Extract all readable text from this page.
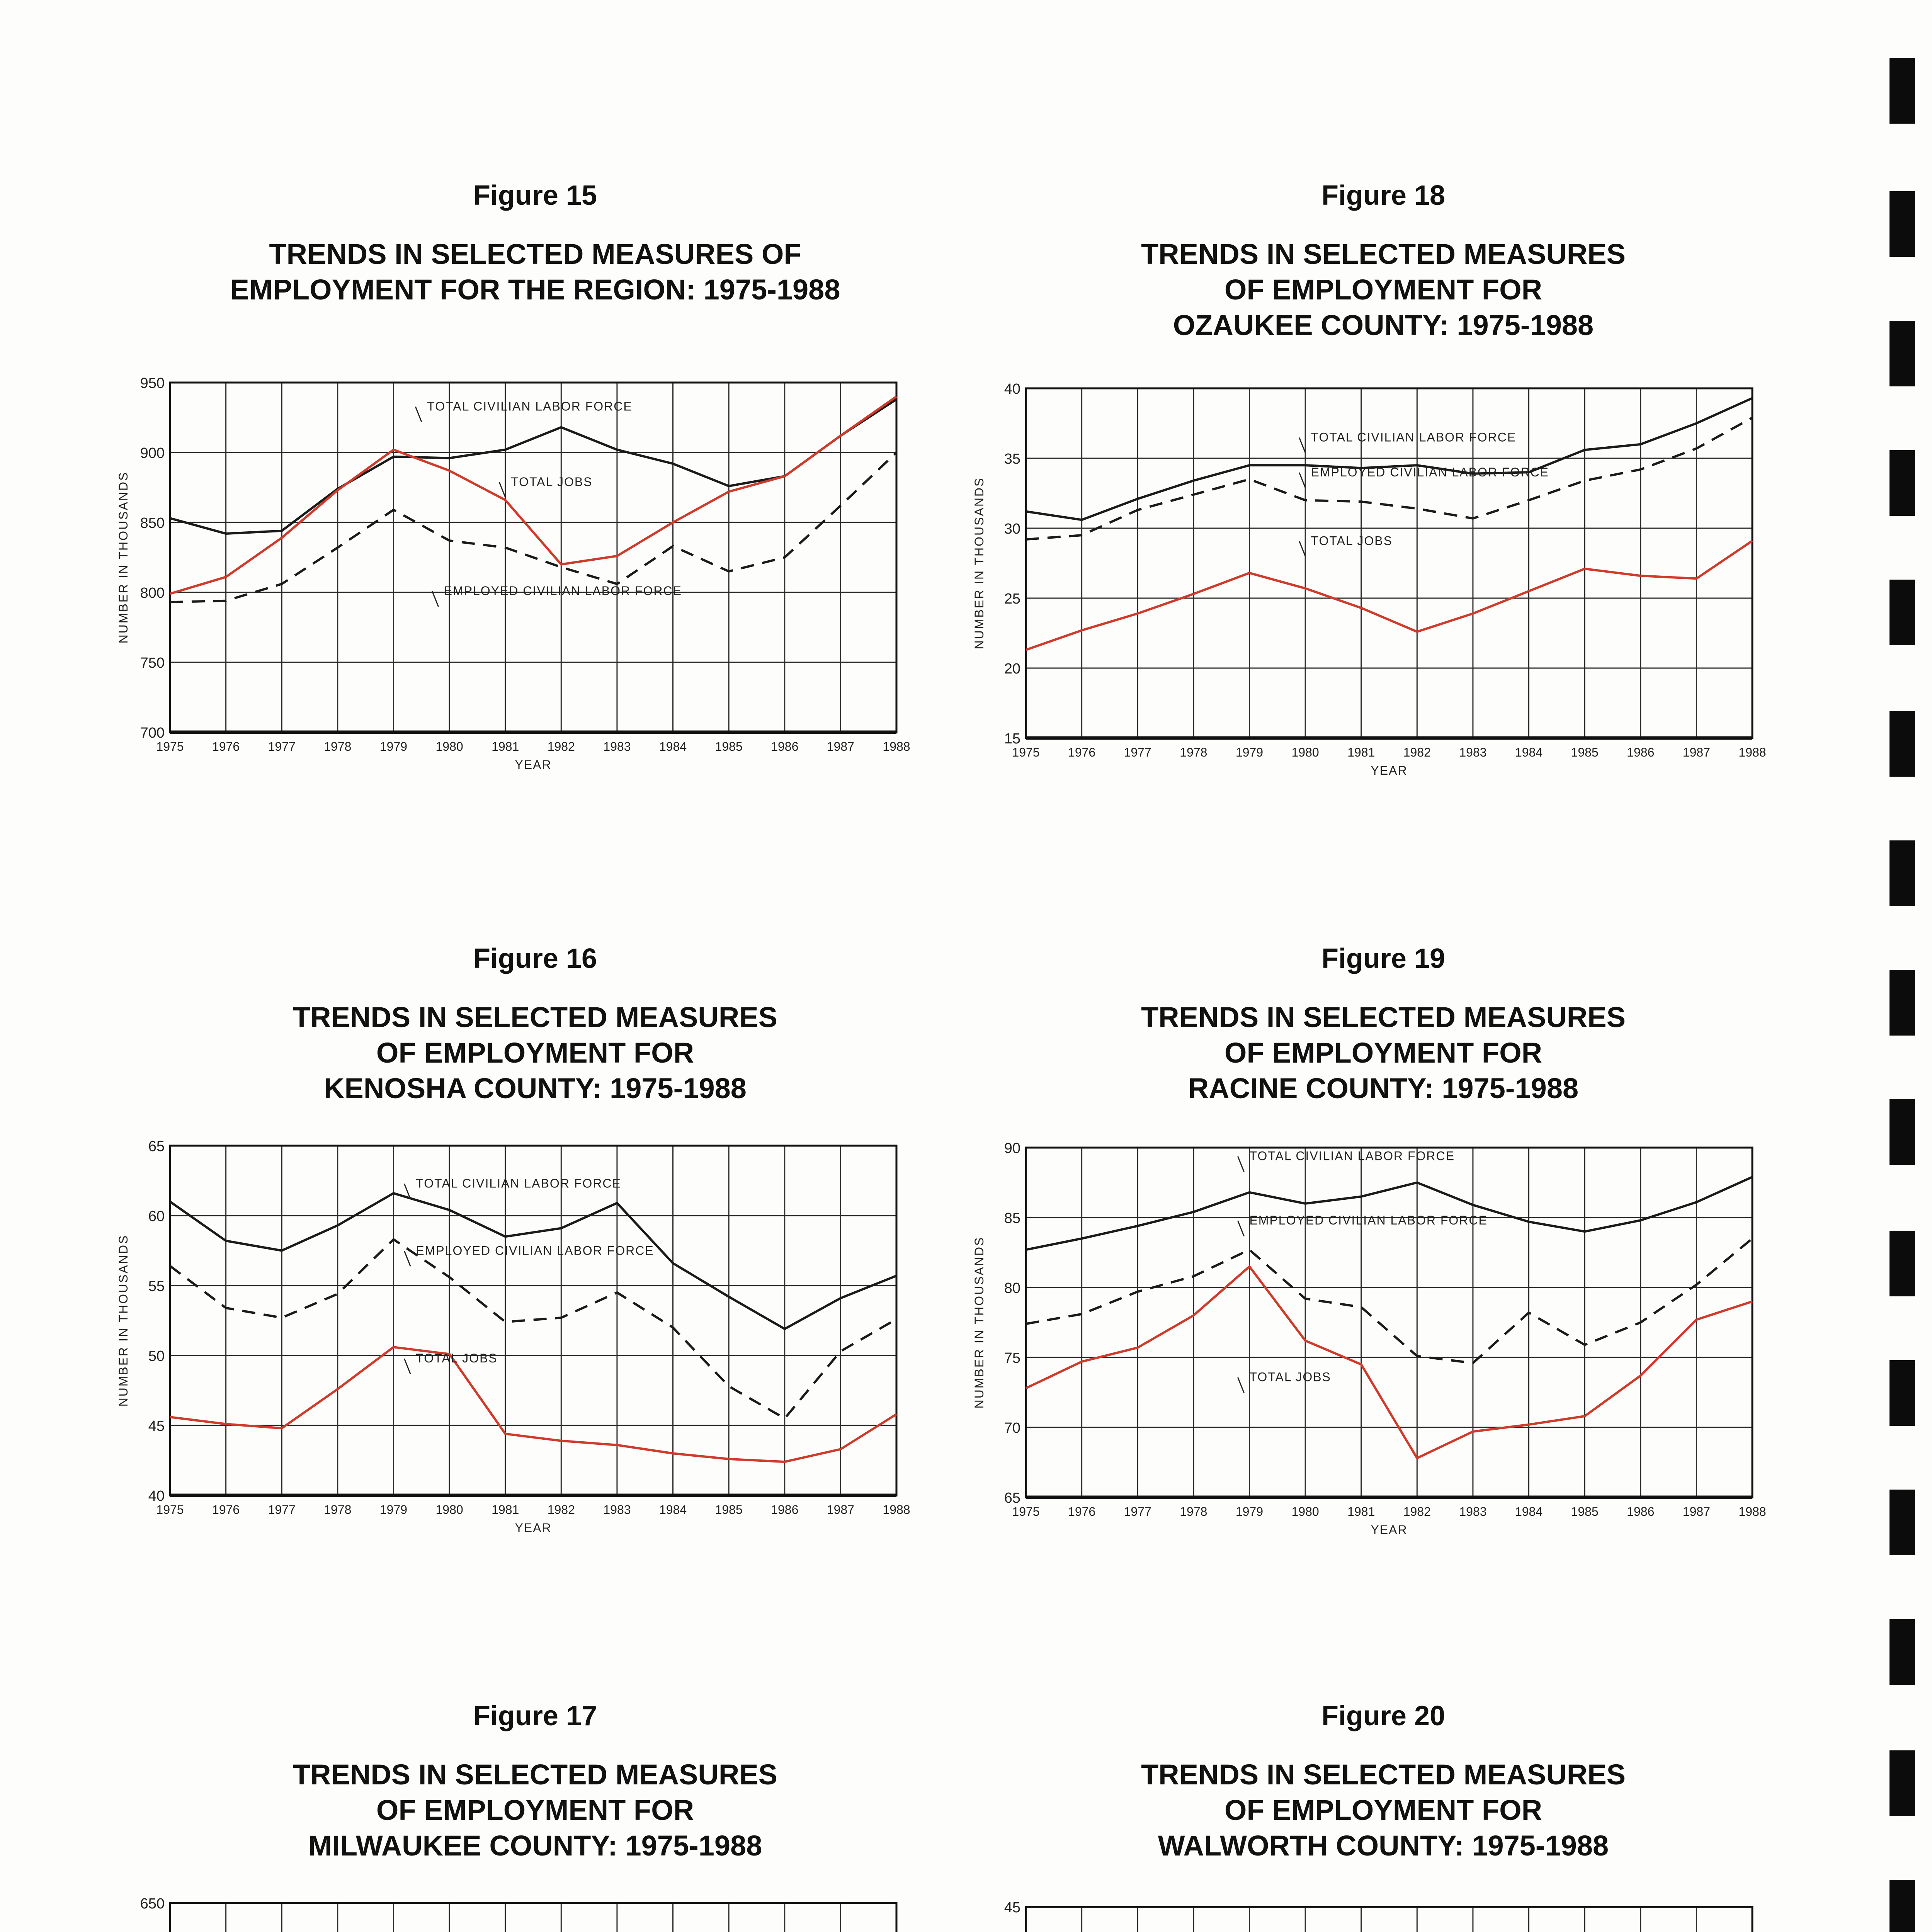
Figure 15
TRENDS IN SELECTED MEASURES OF
EMPLOYMENT FOR THE REGION: 1975-1988
Figure 16
TRENDS IN SELECTED MEASURES
OF EMPLOYMENT FOR
KENOSHA COUNTY: 1975-1988
Figure 17
TRENDS IN SELECTED MEASURES
OF EMPLOYMENT FOR
MILWAUKEE COUNTY: 1975-1988
Figure 18
TRENDS IN SELECTED MEASURES
OF EMPLOYMENT FOR
OZAUKEE COUNTY: 1975-1988
Figure 19
TRENDS IN SELECTED MEASURES
OF EMPLOYMENT FOR
RACINE COUNTY: 1975-1988
Figure 20
TRENDS IN SELECTED MEASURES
OF EMPLOYMENT FOR
WALWORTH COUNTY: 1975-1988
700
750
800
850
900
950
1975 1976 1977 1978 1979 1980 1981 1982 1983 1984 1985 1986 1987 1988
YEAR
NUMBER IN THOUSANDS
TOTAL CIVILIAN LABOR FORCE
TOTAL JOBS
EMPLOYED CIVILIAN LABOR FORCE
40
45
50
55
60
65
1975 1976 1977 1978 1979 1980 1981 1982 1983 1984 1985 1986 1987 1988
YEAR
NUMBER IN THOUSANDS
TOTAL CIVILIAN LABOR FORCE
EMPLOYED CIVILIAN LABOR FORCE
TOTAL JOBS
650
15
20
25
30
35
40
1975 1976 1977 1978 1979 1980 1981 1982 1983 1984 1985 1986 1987 1988
YEAR
NUMBER IN THOUSANDS
TOTAL CIVILIAN LABOR FORCE
EMPLOYED CIVILIAN LABOR FORCE
TOTAL JOBS
65
70
75
80
85
90
1975 1976 1977 1978 1979 1980 1981 1982 1983 1984 1985 1986 1987 1988
YEAR
NUMBER IN THOUSANDS
TOTAL CIVILIAN LABOR FORCE
EMPLOYED CIVILIAN LABOR FORCE
TOTAL JOBS
45
